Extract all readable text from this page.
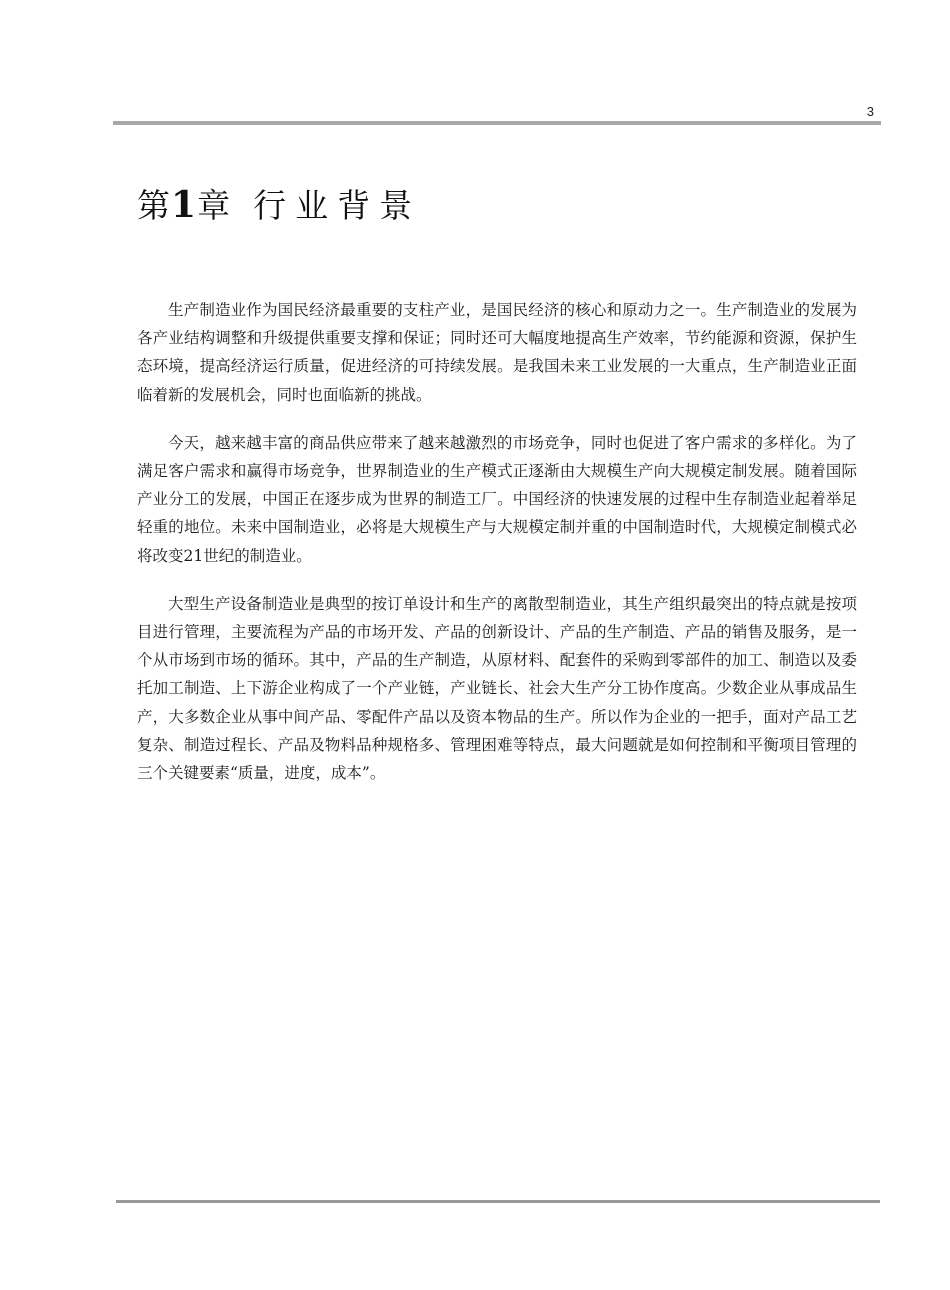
3
第1章 行业背景

生产制造业作为国民经济最重要的支柱产业，是国民经济的核心和原动力之一。生产制造业的发展为各产业结构调整和升级提供重要支撑和保证；同时还可大幅度地提高生产效率，节约能源和资源，保护生态环境，提高经济运行质量，促进经济的可持续发展。是我国未来工业发展的一大重点，生产制造业正面临着新的发展机会，同时也面临新的挑战。

今天，越来越丰富的商品供应带来了越来越激烈的市场竞争，同时也促进了客户需求的多样化。为了满足客户需求和赢得市场竞争，世界制造业的生产模式正逐渐由大规模生产向大规模定制发展。随着国际产业分工的发展，中国正在逐步成为世界的制造工厂。中国经济的快速发展的过程中生存制造业起着举足轻重的地位。未来中国制造业，必将是大规模生产与大规模定制并重的中国制造时代，大规模定制模式必将改变21世纪的制造业。

大型生产设备制造业是典型的按订单设计和生产的离散型制造业，其生产组织最突出的特点就是按项目进行管理，主要流程为产品的市场开发、产品的创新设计、产品的生产制造、产品的销售及服务，是一个从市场到市场的循环。其中，产品的生产制造，从原材料、配套件的采购到零部件的加工、制造以及委托加工制造、上下游企业构成了一个产业链，产业链长、社会大生产分工协作度高。少数企业从事成品生产，大多数企业从事中间产品、零配件产品以及资本物品的生产。所以作为企业的一把手，面对产品工艺复杂、制造过程长、产品及物料品种规格多、管理困难等特点，最大问题就是如何控制和平衡项目管理的三个关键要素“质量，进度，成本”。
